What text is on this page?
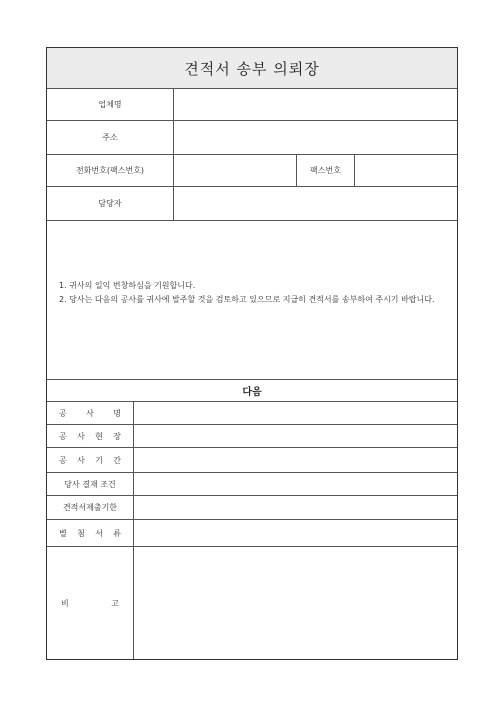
견적서 송부 의뢰장
업체명
주소
전화번호(팩스번호)	팩스번호
담당자

1. 귀사의 일익 번창하심을 기원합니다.

2. 당사는 다음의 공사를 귀사에 발주할 것을 검토하고 있으므로 지급히 견적서를 송부하여 주시기 바랍니다.

다음
공 사 명
공 사 현 장
공 사 기 간
당사 결재 조건
견적서제출기한
별 첨 서 류
비	고
